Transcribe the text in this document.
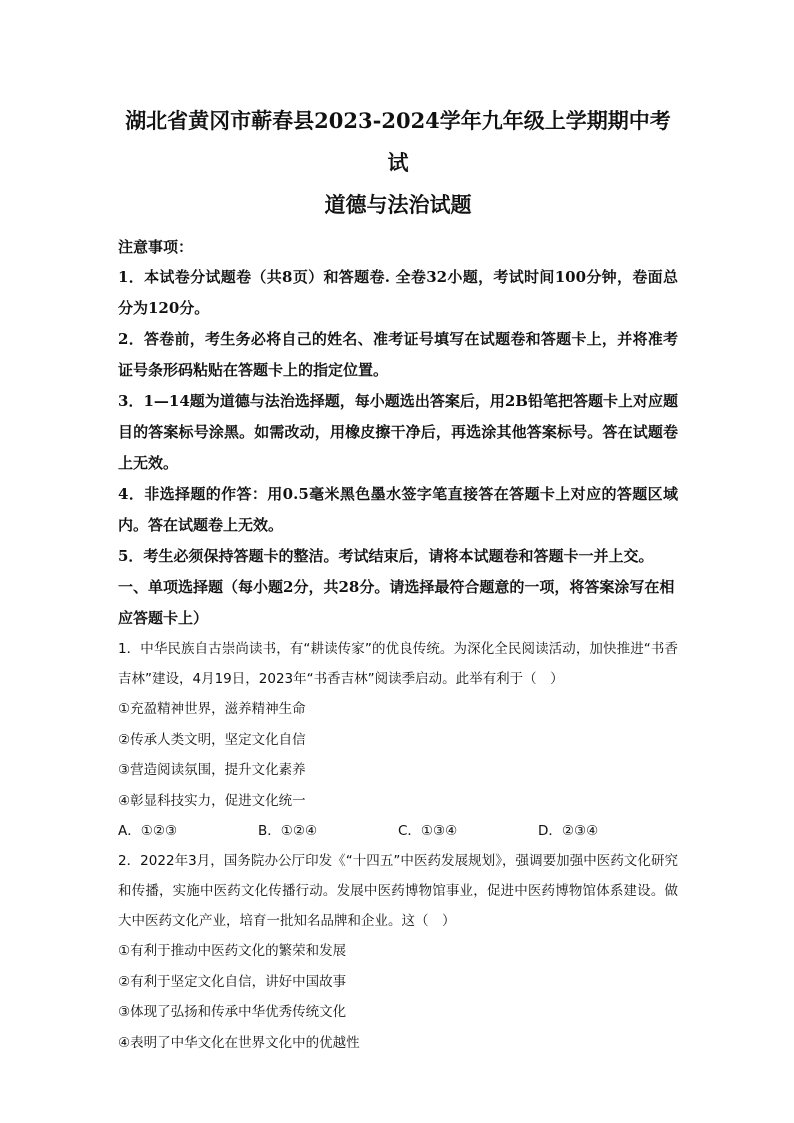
湖北省黄冈市蕲春县2023-2024学年九年级上学期期中考试
道德与法治试题
注意事项：

1．本试卷分试题卷（共8页）和答题卷. 全卷32小题，考试时间100分钟，卷面总分为120分。

2．答卷前，考生务必将自己的姓名、准考证号填写在试题卷和答题卡上，并将准考证号条形码粘贴在答题卡上的指定位置。

3．1—14题为道德与法治选择题，每小题选出答案后，用2B铅笔把答题卡上对应题目的答案标号涂黑。如需改动，用橡皮擦干净后，再选涂其他答案标号。答在试题卷上无效。

4．非选择题的作答：用0.5毫米黑色墨水签字笔直接答在答题卡上对应的答题区域内。答在试题卷上无效。

5．考生必须保持答题卡的整洁。考试结束后，请将本试题卷和答题卡一并上交。

一、单项选择题（每小题2分，共28分。请选择最符合题意的一项，将答案涂写在相应答题卡上）

1．中华民族自古崇尚读书，有“耕读传家”的优良传统。为深化全民阅读活动，加快推进“书香吉林”建设，4月19日，2023年“书香吉林”阅读季启动。此举有利于（　）

①充盈精神世界，滋养精神生命

②传承人类文明，坚定文化自信

③营造阅读氛围，提升文化素养

④彰显科技实力，促进文化统一

A．①②③	B．①②④	C．①③④	D．②③④

2．2022年3月，国务院办公厅印发《“十四五”中医药发展规划》，强调要加强中医药文化研究和传播，实施中医药文化传播行动。发展中医药博物馆事业，促进中医药博物馆体系建设。做大中医药文化产业，培育一批知名品牌和企业。这（　）

①有利于推动中医药文化的繁荣和发展

②有利于坚定文化自信，讲好中国故事

③体现了弘扬和传承中华优秀传统文化

④表明了中华文化在世界文化中的优越性
